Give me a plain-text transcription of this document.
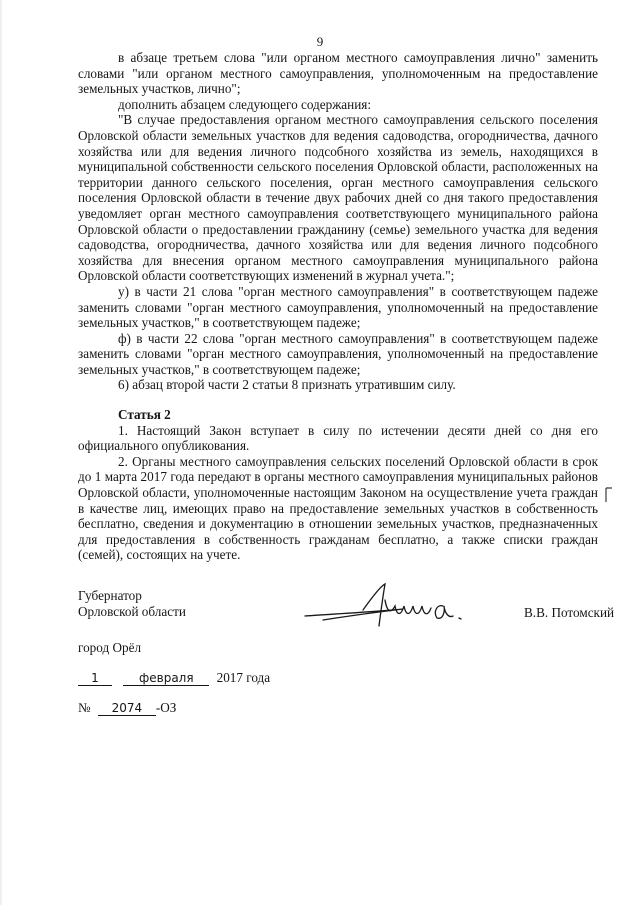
9

в абзаце третьем слова "или органом местного самоуправления лично" заменить словами "или органом местного самоуправления, уполномоченным на предоставление земельных участков, лично";

дополнить абзацем следующего содержания:

"В случае предоставления органом местного самоуправления сельского поселения Орловской области земельных участков для ведения садоводства, огородничества, дачного хозяйства или для ведения личного подсобного хозяйства из земель, находящихся в муниципальной собственности сельского поселения Орловской области, расположенных на территории данного сельского поселения, орган местного самоуправления сельского поселения Орловской области в течение двух рабочих дней со дня такого предоставления уведомляет орган местного самоуправления соответствующего муниципального района Орловской области о предоставлении гражданину (семье) земельного участка для ведения садоводства, огородничества, дачного хозяйства или для ведения личного подсобного хозяйства для внесения органом местного самоуправления муниципального района Орловской области соответствующих изменений в журнал учета.";

у) в части 21 слова "орган местного самоуправления" в соответствующем падеже заменить словами "орган местного самоуправления, уполномоченный на предоставление земельных участков," в соответствующем падеже;

ф) в части 22 слова "орган местного самоуправления" в соответствующем падеже заменить словами "орган местного самоуправления, уполномоченный на предоставление земельных участков," в соответствующем падеже;

6) абзац второй части 2 статьи 8 признать утратившим силу.

Статья 2

1. Настоящий Закон вступает в силу по истечении десяти дней со дня его официального опубликования.

2. Органы местного самоуправления сельских поселений Орловской области в срок до 1 марта 2017 года передают в органы местного самоуправления муниципальных районов Орловской области, уполномоченные настоящим Законом на осуществление учета граждан в качестве лиц, имеющих право на предоставление земельных участков в собственность бесплатно, сведения и документацию в отношении земельных участков, предназначенных для предоставления в собственность гражданам бесплатно, а также списки граждан (семей), состоящих на учете.

Губернатор
Орловской области	В.В. Потомский
город Орёл
1	февраля 2017 года
№ 2074 -ОЗ
